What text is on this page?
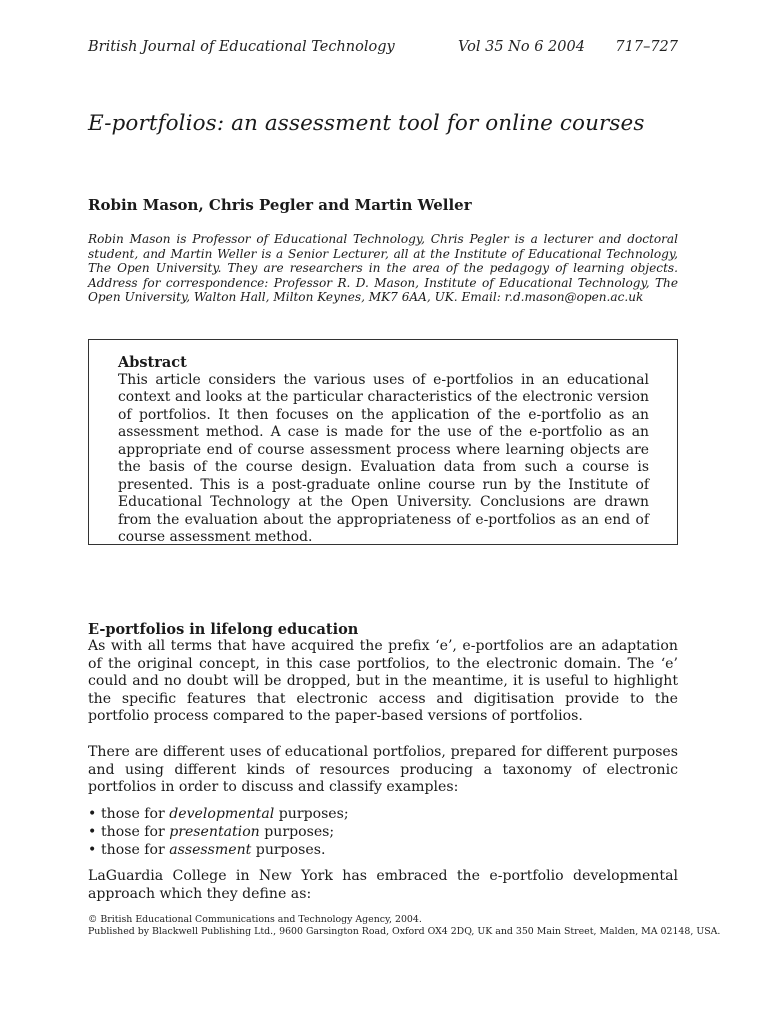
British Journal of Educational Technology	Vol 35 No 6 2004 717–727
E-portfolios: an assessment tool for online courses

Robin Mason, Chris Pegler and Martin Weller

Robin Mason is Professor of Educational Technology, Chris Pegler is a lecturer and doctoral student, and Martin Weller is a Senior Lecturer, all at the Institute of Educational Technology, The Open University. They are researchers in the area of the pedagogy of learning objects. Address for correspondence: Professor R. D. Mason, Institute of Educational Technology, The Open University, Walton Hall, Milton Keynes, MK7 6AA, UK. Email: r.d.mason@open.ac.uk

Abstract

This article considers the various uses of e-portfolios in an educational context and looks at the particular characteristics of the electronic version of portfolios. It then focuses on the application of the e-portfolio as an assessment method. A case is made for the use of the e-portfolio as an appropriate end of course assessment process where learning objects are the basis of the course design. Evaluation data from such a course is presented. This is a post-graduate online course run by the Institute of Educational Technology at the Open University. Conclusions are drawn from the evaluation about the appropriateness of e-portfolios as an end of course assessment method.

E-portfolios in lifelong education

As with all terms that have acquired the prefix ‘e’, e-portfolios are an adaptation of the original concept, in this case portfolios, to the electronic domain. The ‘e’ could and no doubt will be dropped, but in the meantime, it is useful to highlight the specific features that electronic access and digitisation provide to the portfolio process compared to the paper-based versions of portfolios.

There are different uses of educational portfolios, prepared for different purposes and using different kinds of resources producing a taxonomy of electronic portfolios in order to discuss and classify examples:

• those for developmental purposes;
• those for presentation purposes;
• those for assessment purposes.

LaGuardia College in New York has embraced the e-portfolio developmental approach which they define as:

© British Educational Communications and Technology Agency, 2004.

Published by Blackwell Publishing Ltd., 9600 Garsington Road, Oxford OX4 2DQ, UK and 350 Main Street, Malden, MA 02148, USA.
